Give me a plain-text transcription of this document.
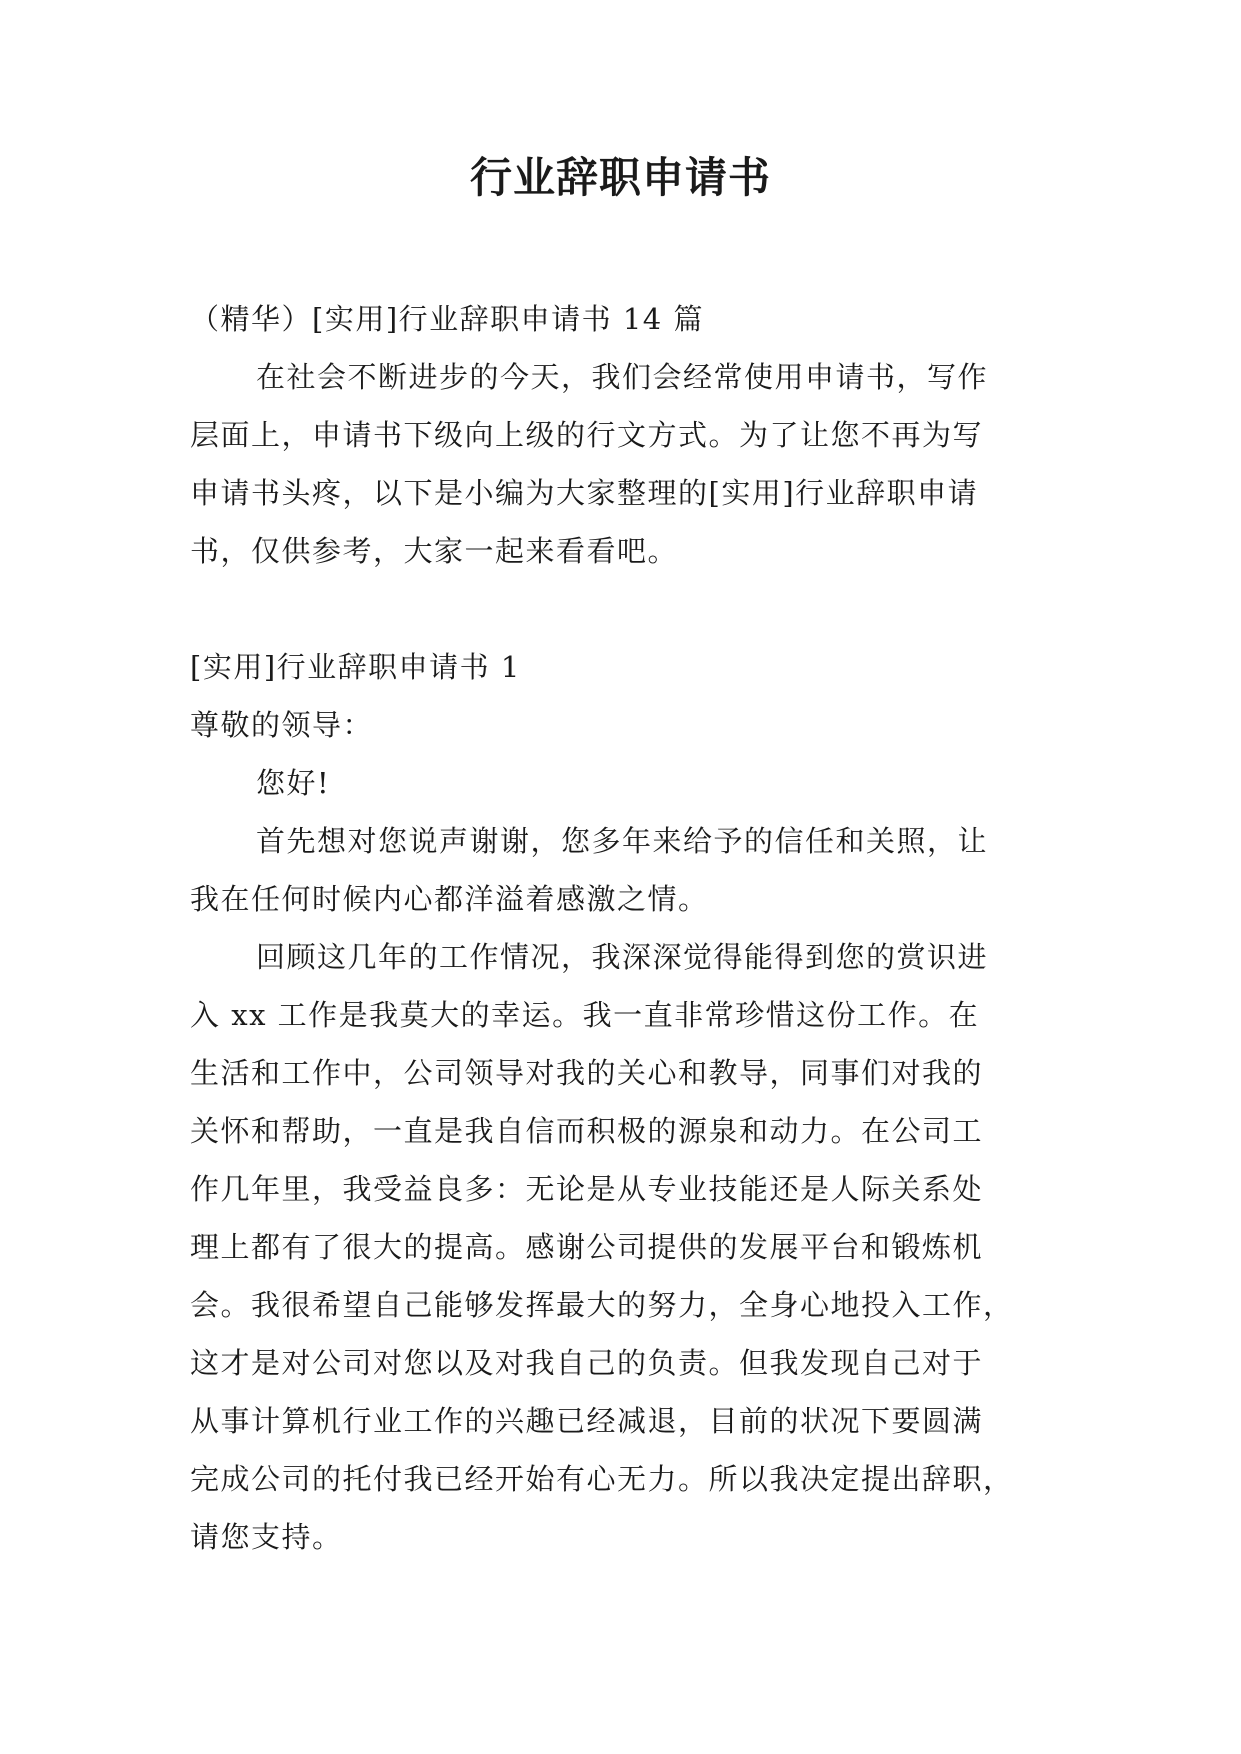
行业辞职申请书

（精华）[实用]行业辞职申请书 14 篇

在社会不断进步的今天，我们会经常使用申请书，写作

层面上，申请书下级向上级的行文方式。为了让您不再为写

申请书头疼，以下是小编为大家整理的[实用]行业辞职申请

书，仅供参考，大家一起来看看吧。

[实用]行业辞职申请书 1

尊敬的领导：

您好!

首先想对您说声谢谢，您多年来给予的信任和关照，让

我在任何时候内心都洋溢着感激之情。

回顾这几年的工作情况，我深深觉得能得到您的赏识进

入 xx 工作是我莫大的幸运。我一直非常珍惜这份工作。在

生活和工作中，公司领导对我的关心和教导，同事们对我的

关怀和帮助，一直是我自信而积极的源泉和动力。在公司工

作几年里，我受益良多：无论是从专业技能还是人际关系处

理上都有了很大的提高。感谢公司提供的发展平台和锻炼机

会。我很希望自己能够发挥最大的努力，全身心地投入工作，

这才是对公司对您以及对我自己的负责。但我发现自己对于

从事计算机行业工作的兴趣已经减退，目前的状况下要圆满

完成公司的托付我已经开始有心无力。所以我决定提出辞职，

请您支持。
